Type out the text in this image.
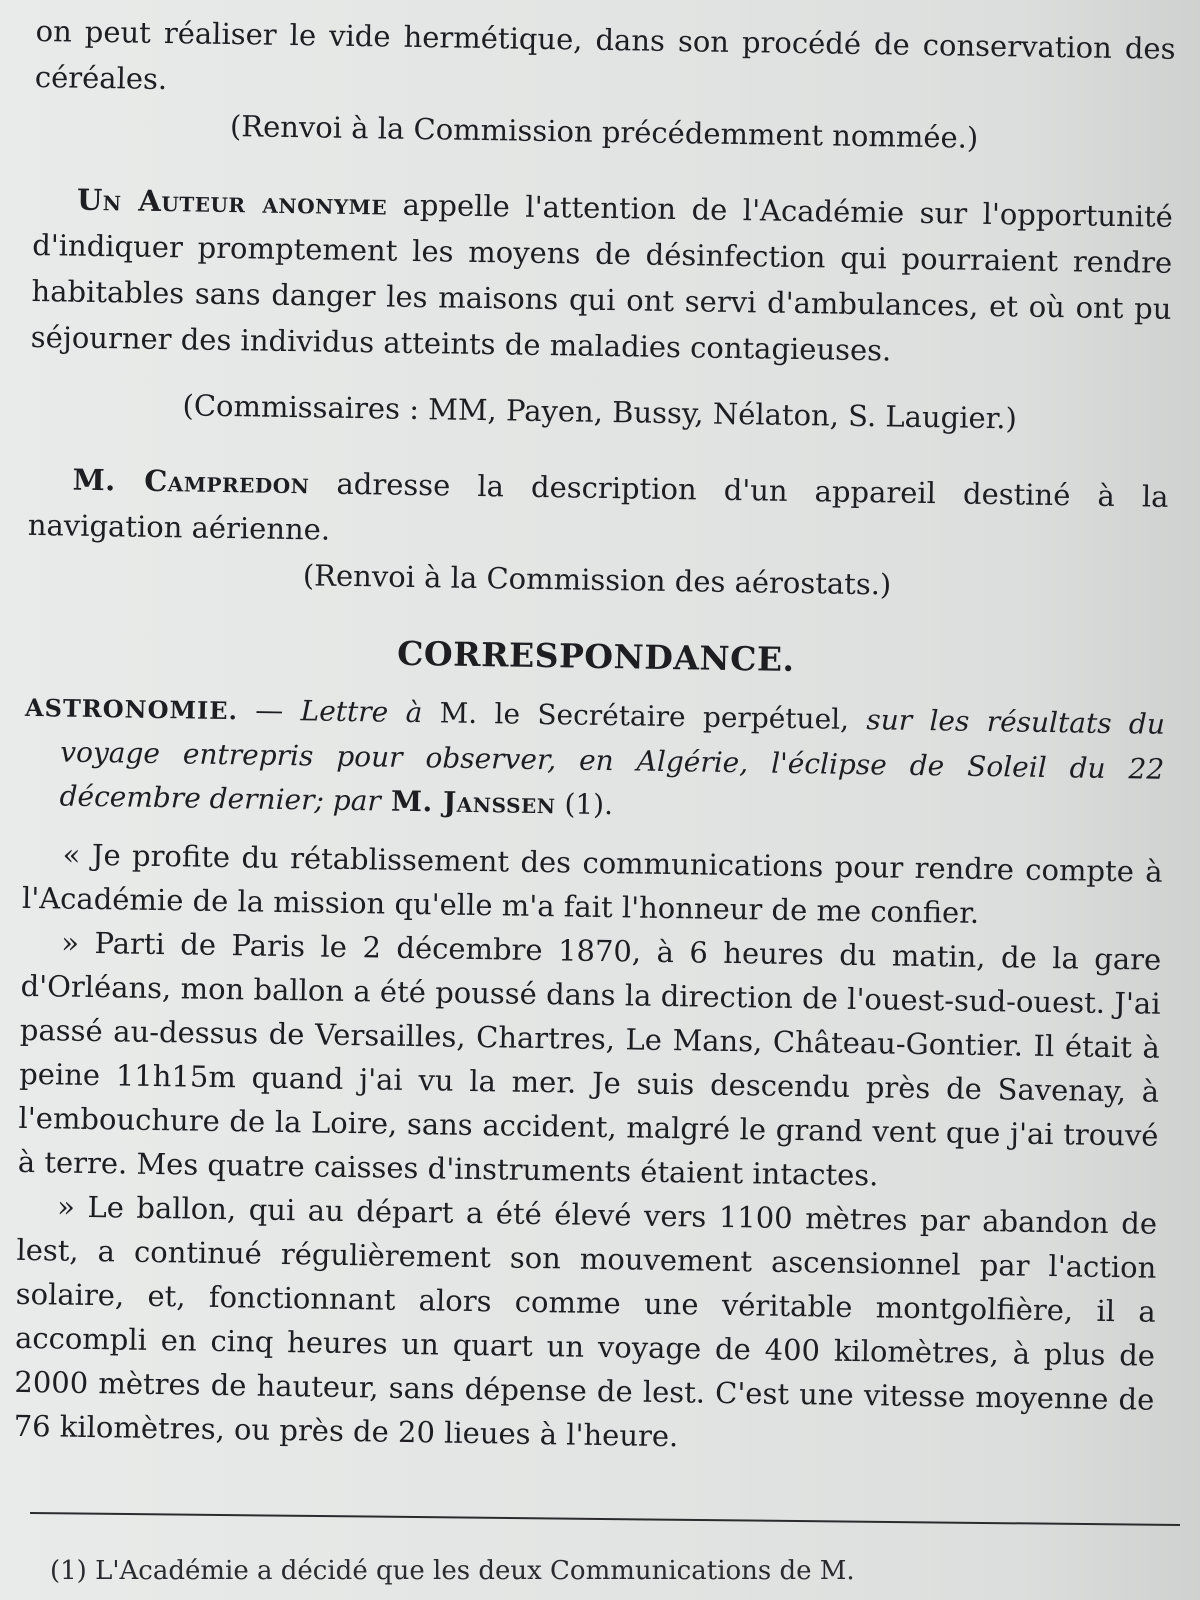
on peut réaliser le vide hermétique, dans son procédé de conservation des céréales.

(Renvoi à la Commission précédemment nommée.)

Un Auteur anonyme appelle l'attention de l'Académie sur l'opportunité d'indiquer promptement les moyens de désinfection qui pourraient rendre habitables sans danger les maisons qui ont servi d'ambulances, et où ont pu séjourner des individus atteints de maladies contagieuses.

(Commissaires : MM, Payen, Bussy, Nélaton, S. Laugier.)

M. Campredon adresse la description d'un appareil destiné à la navigation aérienne.

(Renvoi à la Commission des aérostats.)

CORRESPONDANCE.

ASTRONOMIE. — Lettre à M. le Secrétaire perpétuel, sur les résultats du voyage entrepris pour observer, en Algérie, l'éclipse de Soleil du 22 décembre dernier; par M. Janssen (1).

« Je profite du rétablissement des communications pour rendre compte à l'Académie de la mission qu'elle m'a fait l'honneur de me confier.

» Parti de Paris le 2 décembre 1870, à 6 heures du matin, de la gare d'Orléans, mon ballon a été poussé dans la direction de l'ouest-sud-ouest. J'ai passé au-dessus de Versailles, Chartres, Le Mans, Château-Gontier. Il était à peine 11h15m quand j'ai vu la mer. Je suis descendu près de Savenay, à l'embouchure de la Loire, sans accident, malgré le grand vent que j'ai trouvé à terre. Mes quatre caisses d'instruments étaient intactes.

» Le ballon, qui au départ a été élevé vers 1100 mètres par abandon de lest, a continué régulièrement son mouvement ascensionnel par l'action solaire, et, fonctionnant alors comme une véritable montgolfière, il a accompli en cinq heures un quart un voyage de 400 kilomètres, à plus de 2000 mètres de hauteur, sans dépense de lest. C'est une vitesse moyenne de 76 kilomètres, ou près de 20 lieues à l'heure.

(1) L'Académie a décidé que les deux Communications de M.
